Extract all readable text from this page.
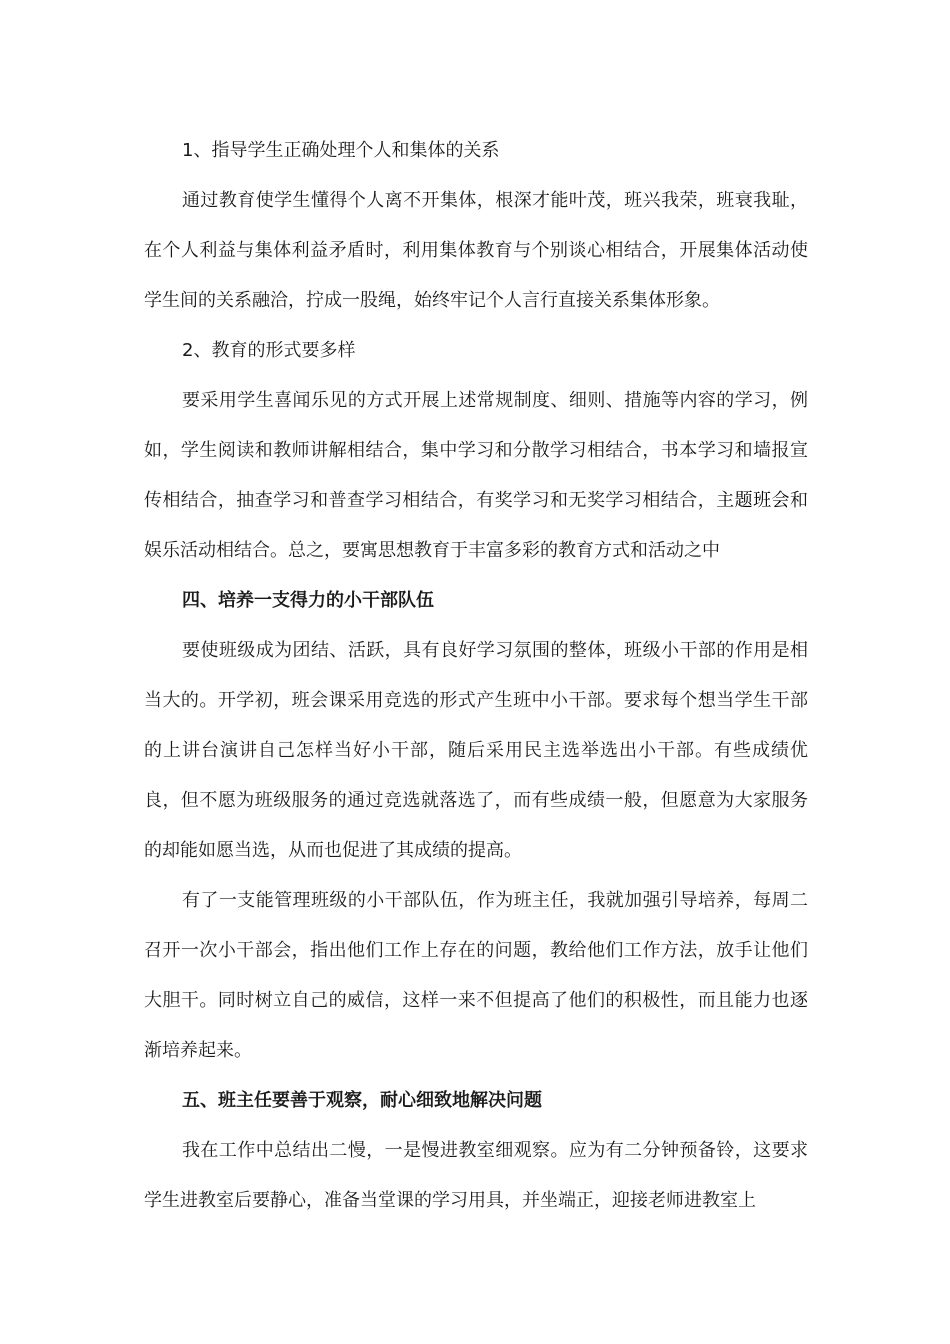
1、指导学生正确处理个人和集体的关系

通过教育使学生懂得个人离不开集体，根深才能叶茂，班兴我荣，班衰我耻，在个人利益与集体利益矛盾时，利用集体教育与个别谈心相结合，开展集体活动使学生间的关系融洽，拧成一股绳，始终牢记个人言行直接关系集体形象。

2、教育的形式要多样

要采用学生喜闻乐见的方式开展上述常规制度、细则、措施等内容的学习，例如，学生阅读和教师讲解相结合，集中学习和分散学习相结合，书本学习和墙报宣传相结合，抽查学习和普查学习相结合，有奖学习和无奖学习相结合，主题班会和娱乐活动相结合。总之，要寓思想教育于丰富多彩的教育方式和活动之中

四、培养一支得力的小干部队伍

要使班级成为团结、活跃，具有良好学习氛围的整体，班级小干部的作用是相当大的。开学初，班会课采用竞选的形式产生班中小干部。要求每个想当学生干部的上讲台演讲自己怎样当好小干部，随后采用民主选举选出小干部。有些成绩优良，但不愿为班级服务的通过竞选就落选了，而有些成绩一般，但愿意为大家服务的却能如愿当选，从而也促进了其成绩的提高。

有了一支能管理班级的小干部队伍，作为班主任，我就加强引导培养，每周二召开一次小干部会，指出他们工作上存在的问题，教给他们工作方法，放手让他们大胆干。同时树立自己的威信，这样一来不但提高了他们的积极性，而且能力也逐渐培养起来。

五、班主任要善于观察，耐心细致地解决问题

我在工作中总结出二慢，一是慢进教室细观察。应为有二分钟预备铃，这要求学生进教室后要静心，准备当堂课的学习用具，并坐端正，迎接老师进教室上
